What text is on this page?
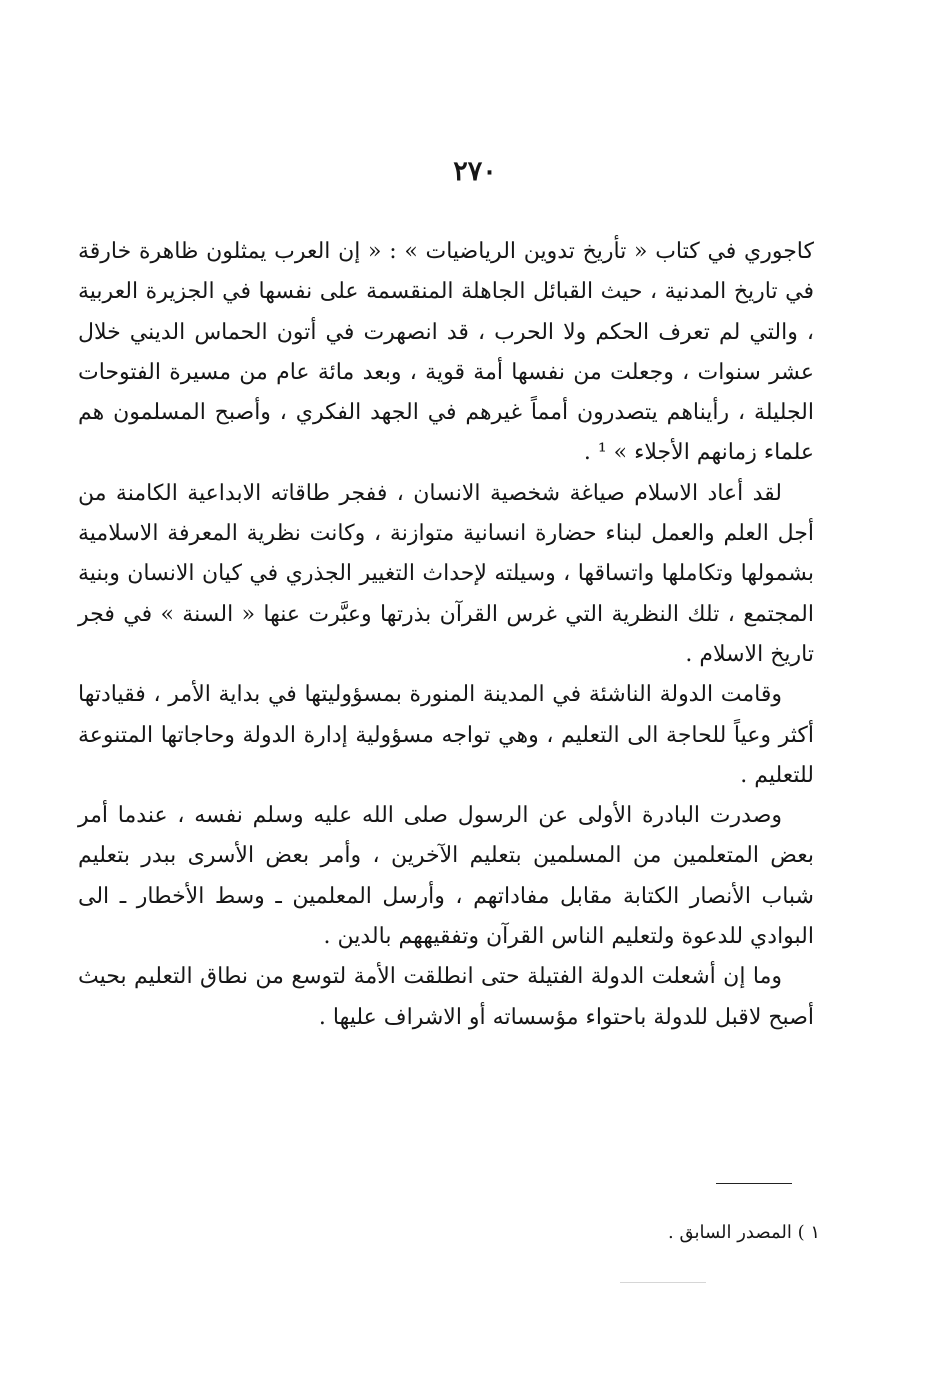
٢٧٠

كاجوري في كتاب « تأريخ تدوين الرياضيات » : « إن العرب يمثلون ظاهرة خارقة في تاريخ المدنية ، حيث القبائل الجاهلة المنقسمة على نفسها في الجزيرة العربية ، والتي لم تعرف الحكم ولا الحرب ، قد انصهرت في أتون الحماس الديني خلال عشر سنوات ، وجعلت من نفسها أمة قوية ، وبعد مائة عام من مسيرة الفتوحات الجليلة ، رأيناهم يتصدرون أمماً غيرهم في الجهد الفكري ، وأصبح المسلمون هم علماء زمانهم الأجلاء » ¹ .

لقد أعاد الاسلام صياغة شخصية الانسان ، ففجر طاقاته الابداعية الكامنة من أجل العلم والعمل لبناء حضارة انسانية متوازنة ، وكانت نظرية المعرفة الاسلامية بشمولها وتكاملها واتساقها ، وسيلته لإحداث التغيير الجذري في كيان الانسان وبنية المجتمع ، تلك النظرية التي غرس القرآن بذرتها وعبَّرت عنها « السنة » في فجر تاريخ الاسلام .

وقامت الدولة الناشئة في المدينة المنورة بمسؤوليتها في بداية الأمر ، فقيادتها أكثر وعياً للحاجة الى التعليم ، وهي تواجه مسؤولية إدارة الدولة وحاجاتها المتنوعة للتعليم .

وصدرت البادرة الأولى عن الرسول صلى الله عليه وسلم نفسه ، عندما أمر بعض المتعلمين من المسلمين بتعليم الآخرين ، وأمر بعض الأسرى ببدر بتعليم شباب الأنصار الكتابة مقابل مفاداتهم ، وأرسل المعلمين ـ وسط الأخطار ـ الى البوادي للدعوة ولتعليم الناس القرآن وتفقيههم بالدين .

وما إن أشعلت الدولة الفتيلة حتى انطلقت الأمة لتوسع من نطاق التعليم بحيث أصبح لاقبل للدولة باحتواء مؤسساته أو الاشراف عليها .

١ ) المصدر السابق .
